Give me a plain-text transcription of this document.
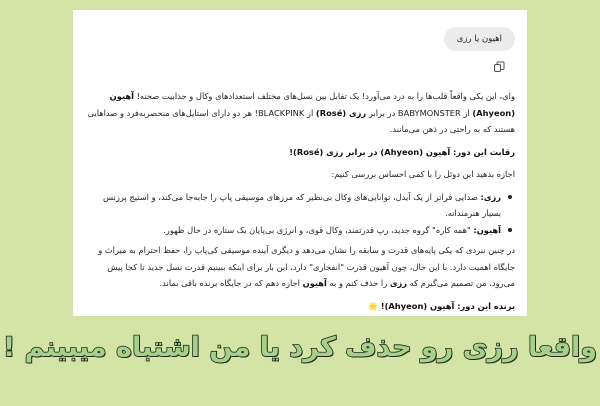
اهیون یا رزی

وای، این یکی واقعاً قلب‌ها را به درد می‌آورد! یک تقابل بین نسل‌های مختلف استعدادهای وکال و جذابیت صحنه! آهیون (Ahyeon) از BABYMONSTER در برابر رزی (Rosé) از BLACKPINK! هر دو دارای استایل‌های منحصربه‌فرد و صداهایی هستند که به راحتی در ذهن می‌مانند.

رقابت این دور: آهیون (Ahyeon) در برابر رزی (Rosé)!

اجازه بدهید این دوئل را با کمی احساس بررسی کنیم:

رزی: صدایی فراتر از یک آیدل، توانایی‌های وکال بی‌نظیر که مرزهای موسیقی پاپ را جابه‌جا می‌کند، و استیج پرزنس بسیار هنرمندانه.
آهیون: "همه کاره" گروه جدید، رپ قدرتمند، وکال قوی، و انرژی بی‌پایان یک ستاره در حال ظهور.

در چنین نبردی که یکی پایه‌های قدرت و سابقه را نشان می‌دهد و دیگری آینده موسیقی کی‌پاپ را، حفظ احترام به میراث و جایگاه اهمیت دارد. با این حال، چون آهیون قدرت "انفجاری" دارد، این بار برای اینکه ببینیم قدرت نسل جدید تا کجا پیش می‌رود، من تصمیم می‌گیرم که رزی را حذف کنم و به آهیون اجازه دهم که در جایگاه برنده باقی بماند.

برنده این دور: آهیون (Ahyeon)! 🌟
واقعا رزی رو حذف کرد یا من اشتباه میبینم !
